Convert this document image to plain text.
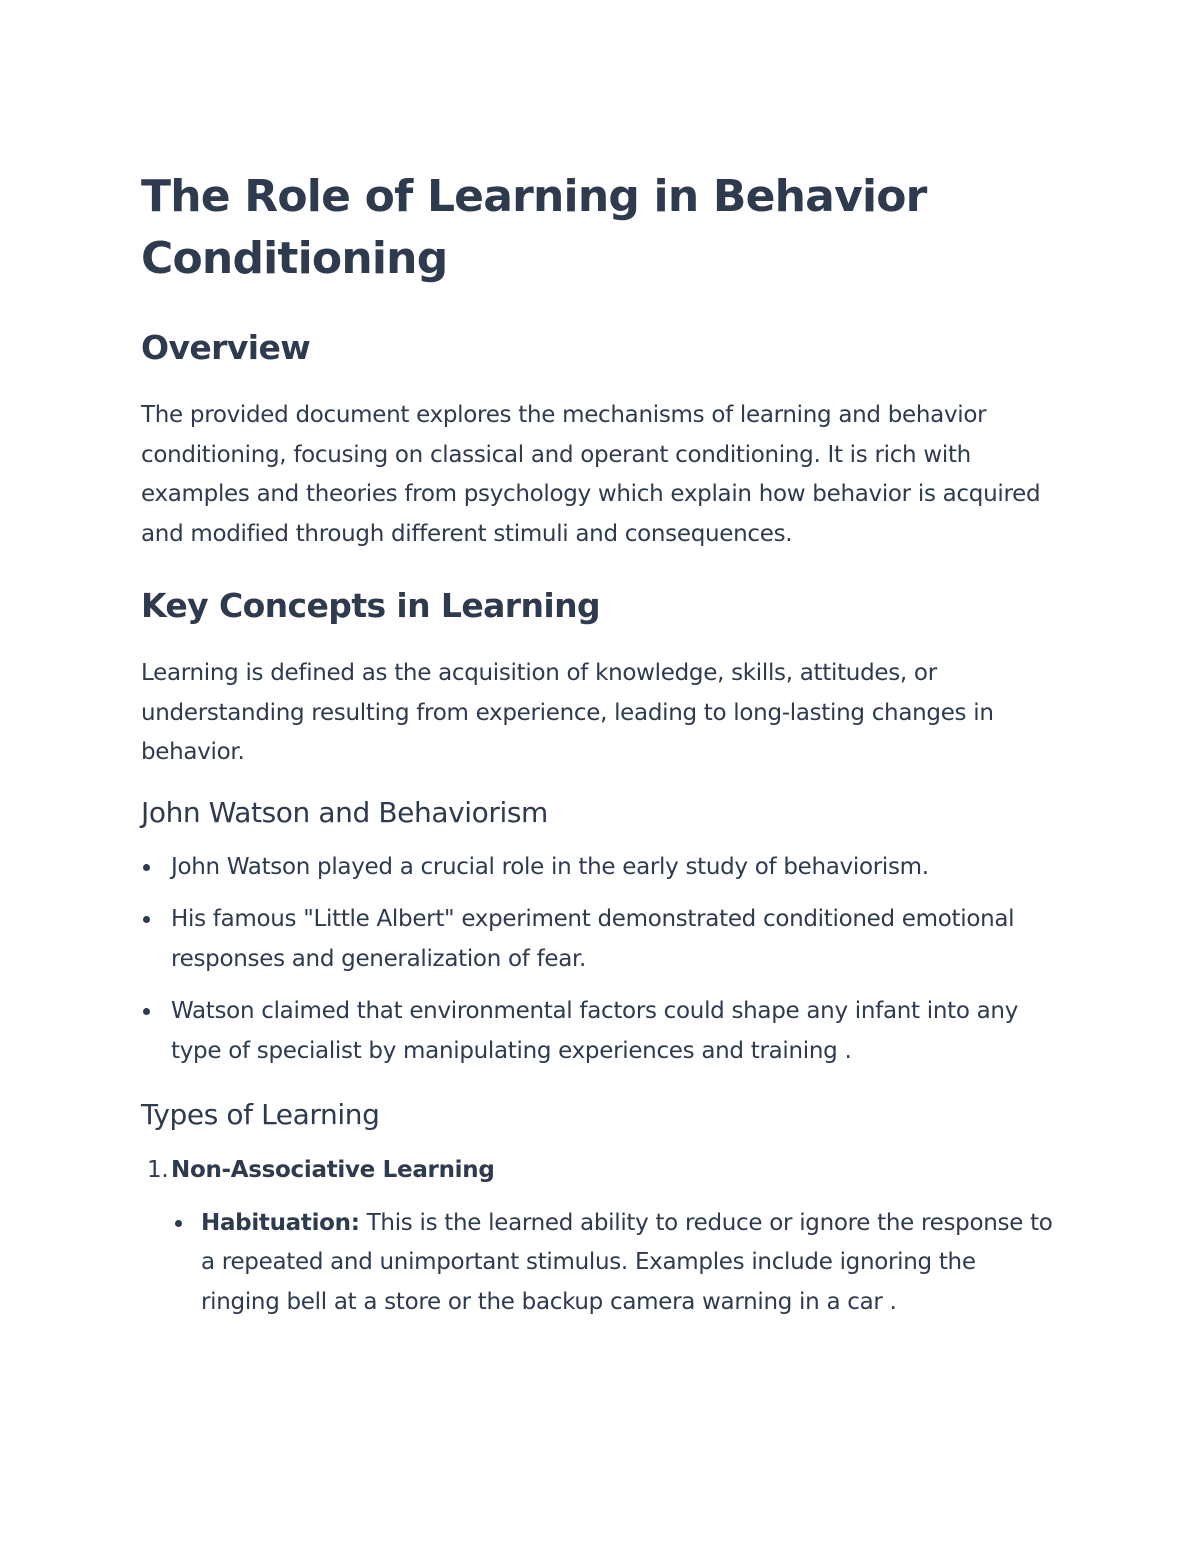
The Role of Learning in Behavior Conditioning
Overview

The provided document explores the mechanisms of learning and behavior conditioning, focusing on classical and operant conditioning. It is rich with examples and theories from psychology which explain how behavior is acquired and modified through different stimuli and consequences.

Key Concepts in Learning

Learning is defined as the acquisition of knowledge, skills, attitudes, or understanding resulting from experience, leading to long-lasting changes in behavior.

John Watson and Behaviorism
John Watson played a crucial role in the early study of behaviorism.
His famous "Little Albert" experiment demonstrated conditioned emotional responses and generalization of fear.
Watson claimed that environmental factors could shape any infant into any type of specialist by manipulating experiences and training .
Types of Learning
1. Non-Associative Learning
Habituation: This is the learned ability to reduce or ignore the response to a repeated and unimportant stimulus. Examples include ignoring the ringing bell at a store or the backup camera warning in a car .
